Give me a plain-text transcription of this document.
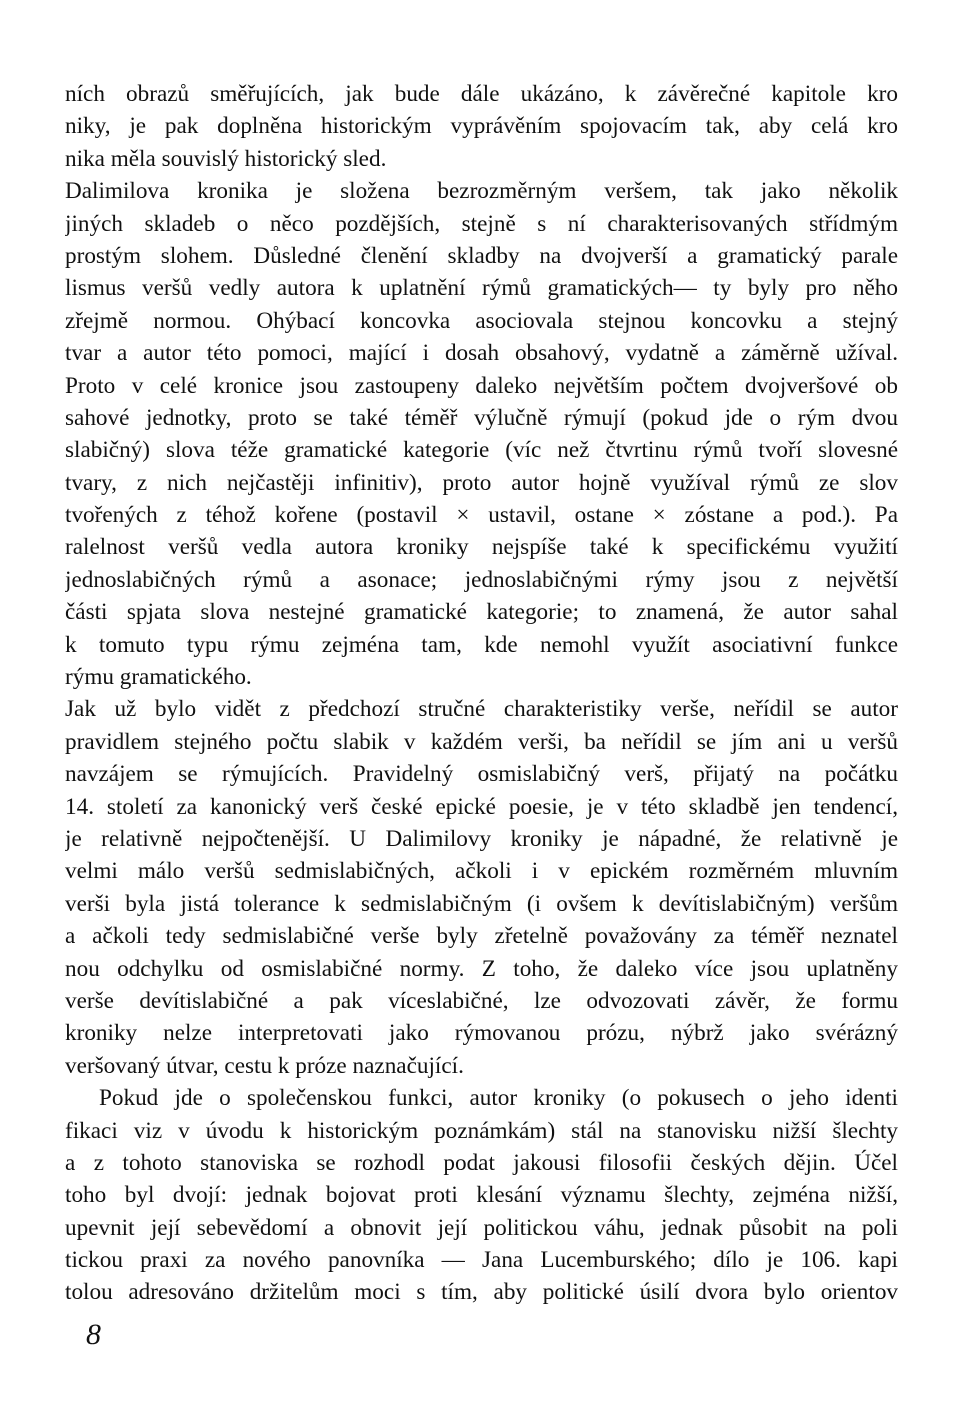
ních obrazů směřujících, jak bude dále ukázáno, k závěrečné kapitole kro
niky, je pak doplněna historickým vyprávěním spojovacím tak, aby celá kro
nika měla souvislý historický sled.
Dalimilova kronika je složena bezrozměrným veršem, tak jako několik
jiných skladeb o něco pozdějších, stejně s ní charakterisovaných střídmým
prostým slohem. Důsledné členění skladby na dvojverší a gramatický parale
lismus veršů vedly autora k uplatnění rýmů gramatických— ty byly pro něho
zřejmě normou. Ohýbací koncovka asociovala stejnou koncovku a stejný
tvar a autor této pomoci, mající i dosah obsahový, vydatně a záměrně užíval.
Proto v celé kronice jsou zastoupeny daleko největším počtem dvojveršové ob
sahové jednotky, proto se také téměř výlučně rýmují (pokud jde o rým dvou
slabičný) slova téže gramatické kategorie (víc než čtvrtinu rýmů tvoří slovesné
tvary, z nich nejčastěji infinitiv), proto autor hojně využíval rýmů ze slov
tvořených z téhož kořene (postavil × ustavil, ostane × zóstane a pod.). Pa
ralelnost veršů vedla autora kroniky nejspíše také k specifickému využití
jednoslabičných rýmů a asonace; jednoslabičnými rýmy jsou z největší
části spjata slova nestejné gramatické kategorie; to znamená, že autor sahal
k tomuto typu rýmu zejména tam, kde nemohl využít asociativní funkce
rýmu gramatického.
Jak už bylo vidět z předchozí stručné charakteristiky verše, neřídil se autor
pravidlem stejného počtu slabik v každém verši, ba neřídil se jím ani u veršů
navzájem se rýmujících. Pravidelný osmislabičný verš, přijatý na počátku
14. století za kanonický verš české epické poesie, je v této skladbě jen tendencí,
je relativně nejpočtenější. U Dalimilovy kroniky je nápadné, že relativně je
velmi málo veršů sedmislabičných, ačkoli i v epickém rozměrném mluvním
verši byla jistá tolerance k sedmislabičným (i ovšem k devítislabičným) veršům
a ačkoli tedy sedmislabičné verše byly zřetelně považovány za téměř neznatel
nou odchylku od osmislabičné normy. Z toho, že daleko více jsou uplatněny
verše devítislabičné a pak víceslabičné, lze odvozovati závěr, že formu
kroniky nelze interpretovati jako rýmovanou prózu, nýbrž jako svérázný
veršovaný útvar, cestu k próze naznačující.
Pokud jde o společenskou funkci, autor kroniky (o pokusech o jeho identi
fikaci viz v úvodu k historickým poznámkám) stál na stanovisku nižší šlechty
a z tohoto stanoviska se rozhodl podat jakousi filosofii českých dějin. Účel
toho byl dvojí: jednak bojovat proti klesání významu šlechty, zejména nižší,
upevnit její sebevědomí a obnovit její politickou váhu, jednak působit na poli
tickou praxi za nového panovníka — Jana Lucemburského; dílo je 106. kapi
tolou adresováno držitelům moci s tím, aby politické úsilí dvora bylo orientov
8
